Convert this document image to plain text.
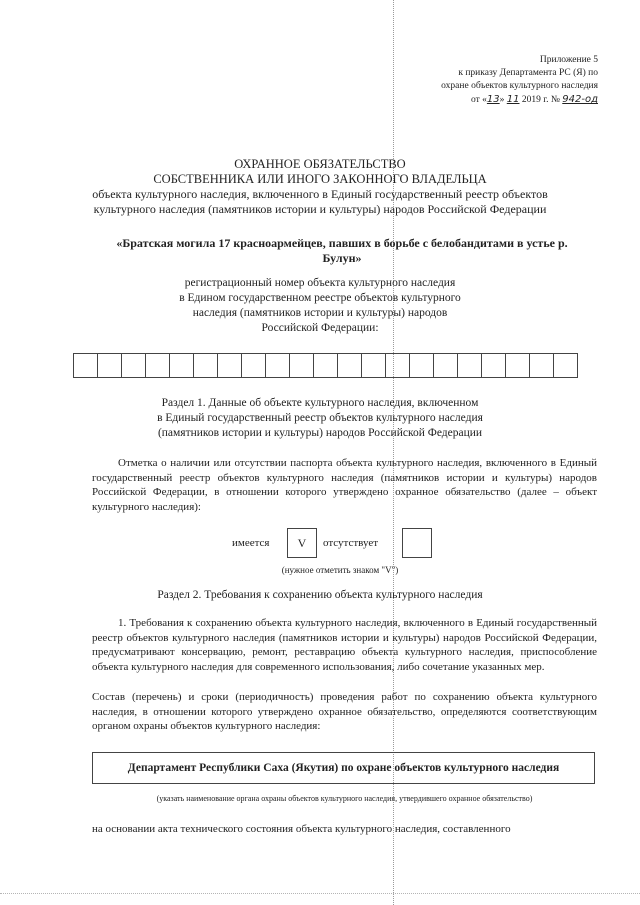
Приложение 5
к приказу Департамента РС (Я) по
охране объектов культурного наследия
от «13» 11 2019 г. № 942-од
ОХРАННОЕ ОБЯЗАТЕЛЬСТВО
СОБСТВЕННИКА ИЛИ ИНОГО ЗАКОННОГО ВЛАДЕЛЬЦА
объекта культурного наследия, включенного в Единый государственный реестр объектов
культурного наследия (памятников истории и культуры) народов Российской Федерации
«Братская могила 17 красноармейцев, павших в борьбе с белобандитами в устье р.
Булун»
регистрационный номер объекта культурного наследия
в Едином государственном реестре объектов культурного
наследия (памятников истории и культуры) народов
Российской Федерации:
Раздел 1. Данные об объекте культурного наследия, включенном
в Единый государственный реестр объектов культурного наследия
(памятников истории и культуры) народов Российской Федерации
Отметка о наличии или отсутствии паспорта объекта культурного наследия, включенного в Единый государственный реестр объектов культурного наследия (памятников истории и культуры) народов Российской Федерации, в отношении которого утверждено охранное обязательство (далее – объект культурного наследия):
имеется	V	отсутствует
(нужное отметить знаком "V")
Раздел 2. Требования к сохранению объекта культурного наследия
1. Требования к сохранению объекта культурного наследия, включенного в Единый государственный реестр объектов культурного наследия (памятников истории и культуры) народов Российской Федерации, предусматривают консервацию, ремонт, реставрацию объекта культурного наследия, приспособление объекта культурного наследия для современного использования, либо сочетание указанных мер.
Состав (перечень) и сроки (периодичность) проведения работ по сохранению объекта культурного наследия, в отношении которого утверждено охранное обязательство, определяются соответствующим органом охраны объектов культурного наследия:
Департамент Республики Саха (Якутия) по охране объектов культурного наследия
(указать наименование органа охраны объектов культурного наследия, утвердившего охранное обязательство)
на основании акта технического состояния объекта культурного наследия, составленного
